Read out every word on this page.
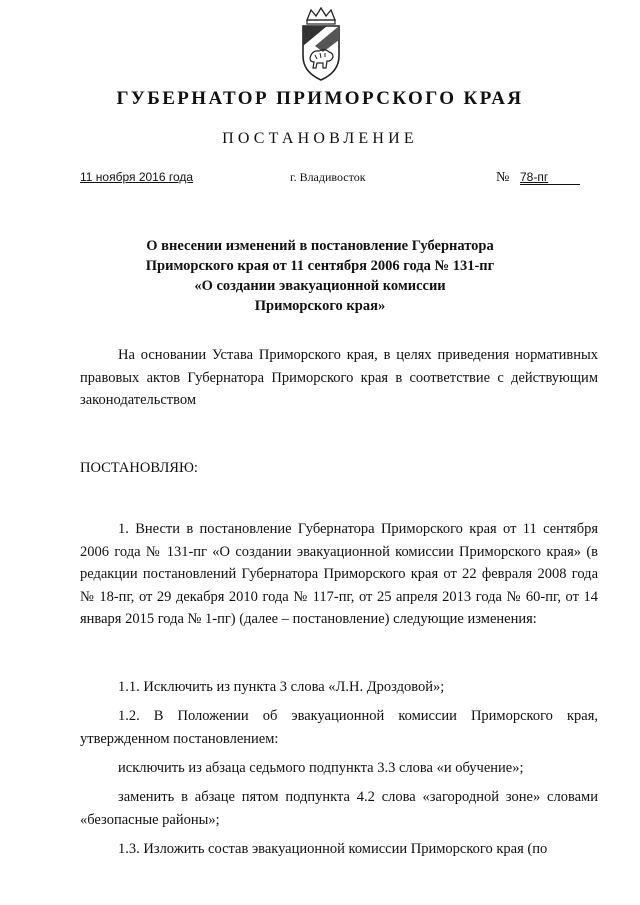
ГУБЕРНАТОР ПРИМОРСКОГО КРАЯ
ПОСТАНОВЛЕНИЕ
11 ноября 2016 года	г. Владивосток	№ 78-пг
О внесении изменений в постановление Губернатора
Приморского края от 11 сентября 2006 года № 131-пг
«О создании эвакуационной комиссии
Приморского края»

На основании Устава Приморского края, в целях приведения нормативных правовых актов Губернатора Приморского края в соответствие с действующим законодательством

ПОСТАНОВЛЯЮ:

1. Внести в постановление Губернатора Приморского края от 11 сентября 2006 года № 131-пг «О создании эвакуационной комиссии Приморского края» (в редакции постановлений Губернатора Приморского края от 22 февраля 2008 года № 18-пг, от 29 декабря 2010 года № 117-пг, от 25 апреля 2013 года № 60-пг, от 14 января 2015 года № 1-пг) (далее – постановление) следующие изменения:

1.1. Исключить из пункта 3 слова «Л.Н. Дроздовой»;

1.2. В Положении об эвакуационной комиссии Приморского края, утвержденном постановлением:

исключить из абзаца седьмого подпункта 3.3 слова «и обучение»;

заменить в абзаце пятом подпункта 4.2 слова «загородной зоне» словами «безопасные районы»;

1.3. Изложить состав эвакуационной комиссии Приморского края (по
